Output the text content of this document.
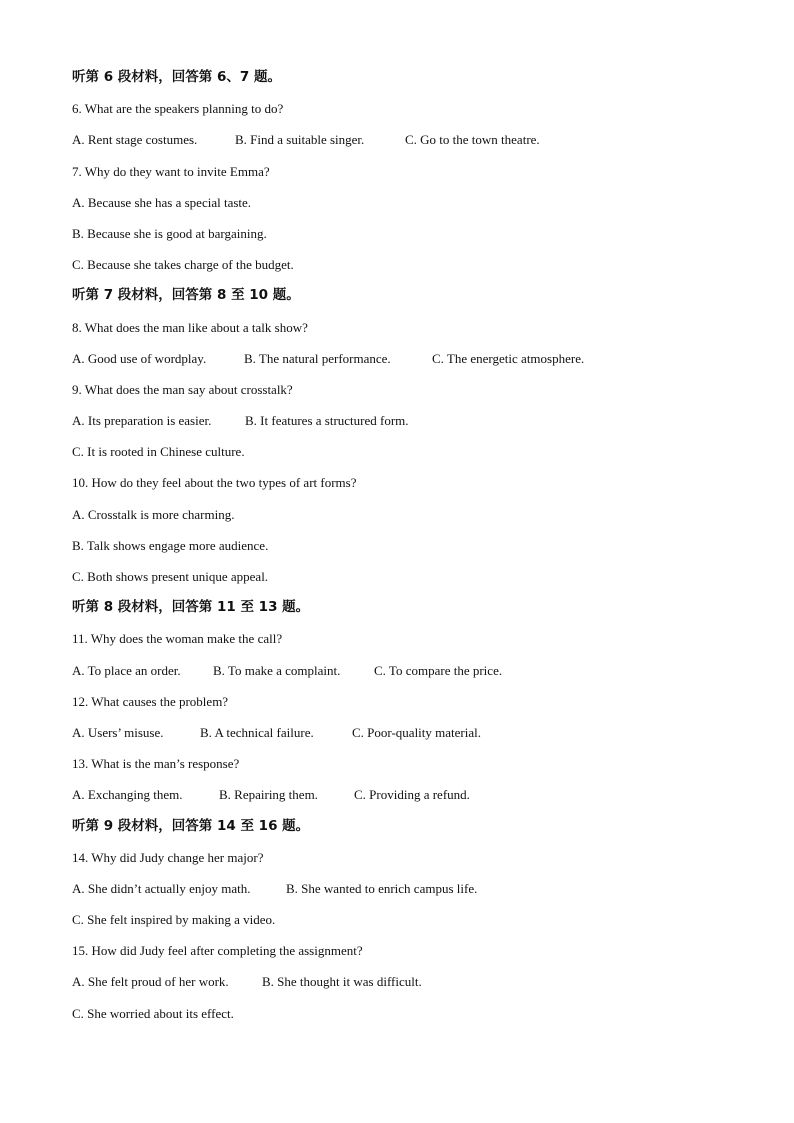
听第 6 段材料，回答第 6、7 题。
6. What are the speakers planning to do?
A. Rent stage costumes.	B. Find a suitable singer.	C. Go to the town theatre.
7. Why do they want to invite Emma?
A. Because she has a special taste.
B. Because she is good at bargaining.
C. Because she takes charge of the budget.
听第 7 段材料，回答第 8 至 10 题。
8. What does the man like about a talk show?
A. Good use of wordplay.	B. The natural performance.	C. The energetic atmosphere.
9. What does the man say about crosstalk?
A. Its preparation is easier.	B. It features a structured form.
C. It is rooted in Chinese culture.
10. How do they feel about the two types of art forms?
A. Crosstalk is more charming.
B. Talk shows engage more audience.
C. Both shows present unique appeal.
听第 8 段材料，回答第 11 至 13 题。
11. Why does the woman make the call?
A. To place an order.	B. To make a complaint.	C. To compare the price.
12. What causes the problem?
A. Users’ misuse.	B. A technical failure.	C. Poor-quality material.
13. What is the man’s response?
A. Exchanging them.	B. Repairing them.	C. Providing a refund.
听第 9 段材料，回答第 14 至 16 题。
14. Why did Judy change her major?
A. She didn’t actually enjoy math.	B. She wanted to enrich campus life.
C. She felt inspired by making a video.
15. How did Judy feel after completing the assignment?
A. She felt proud of her work.	B. She thought it was difficult.
C. She worried about its effect.
